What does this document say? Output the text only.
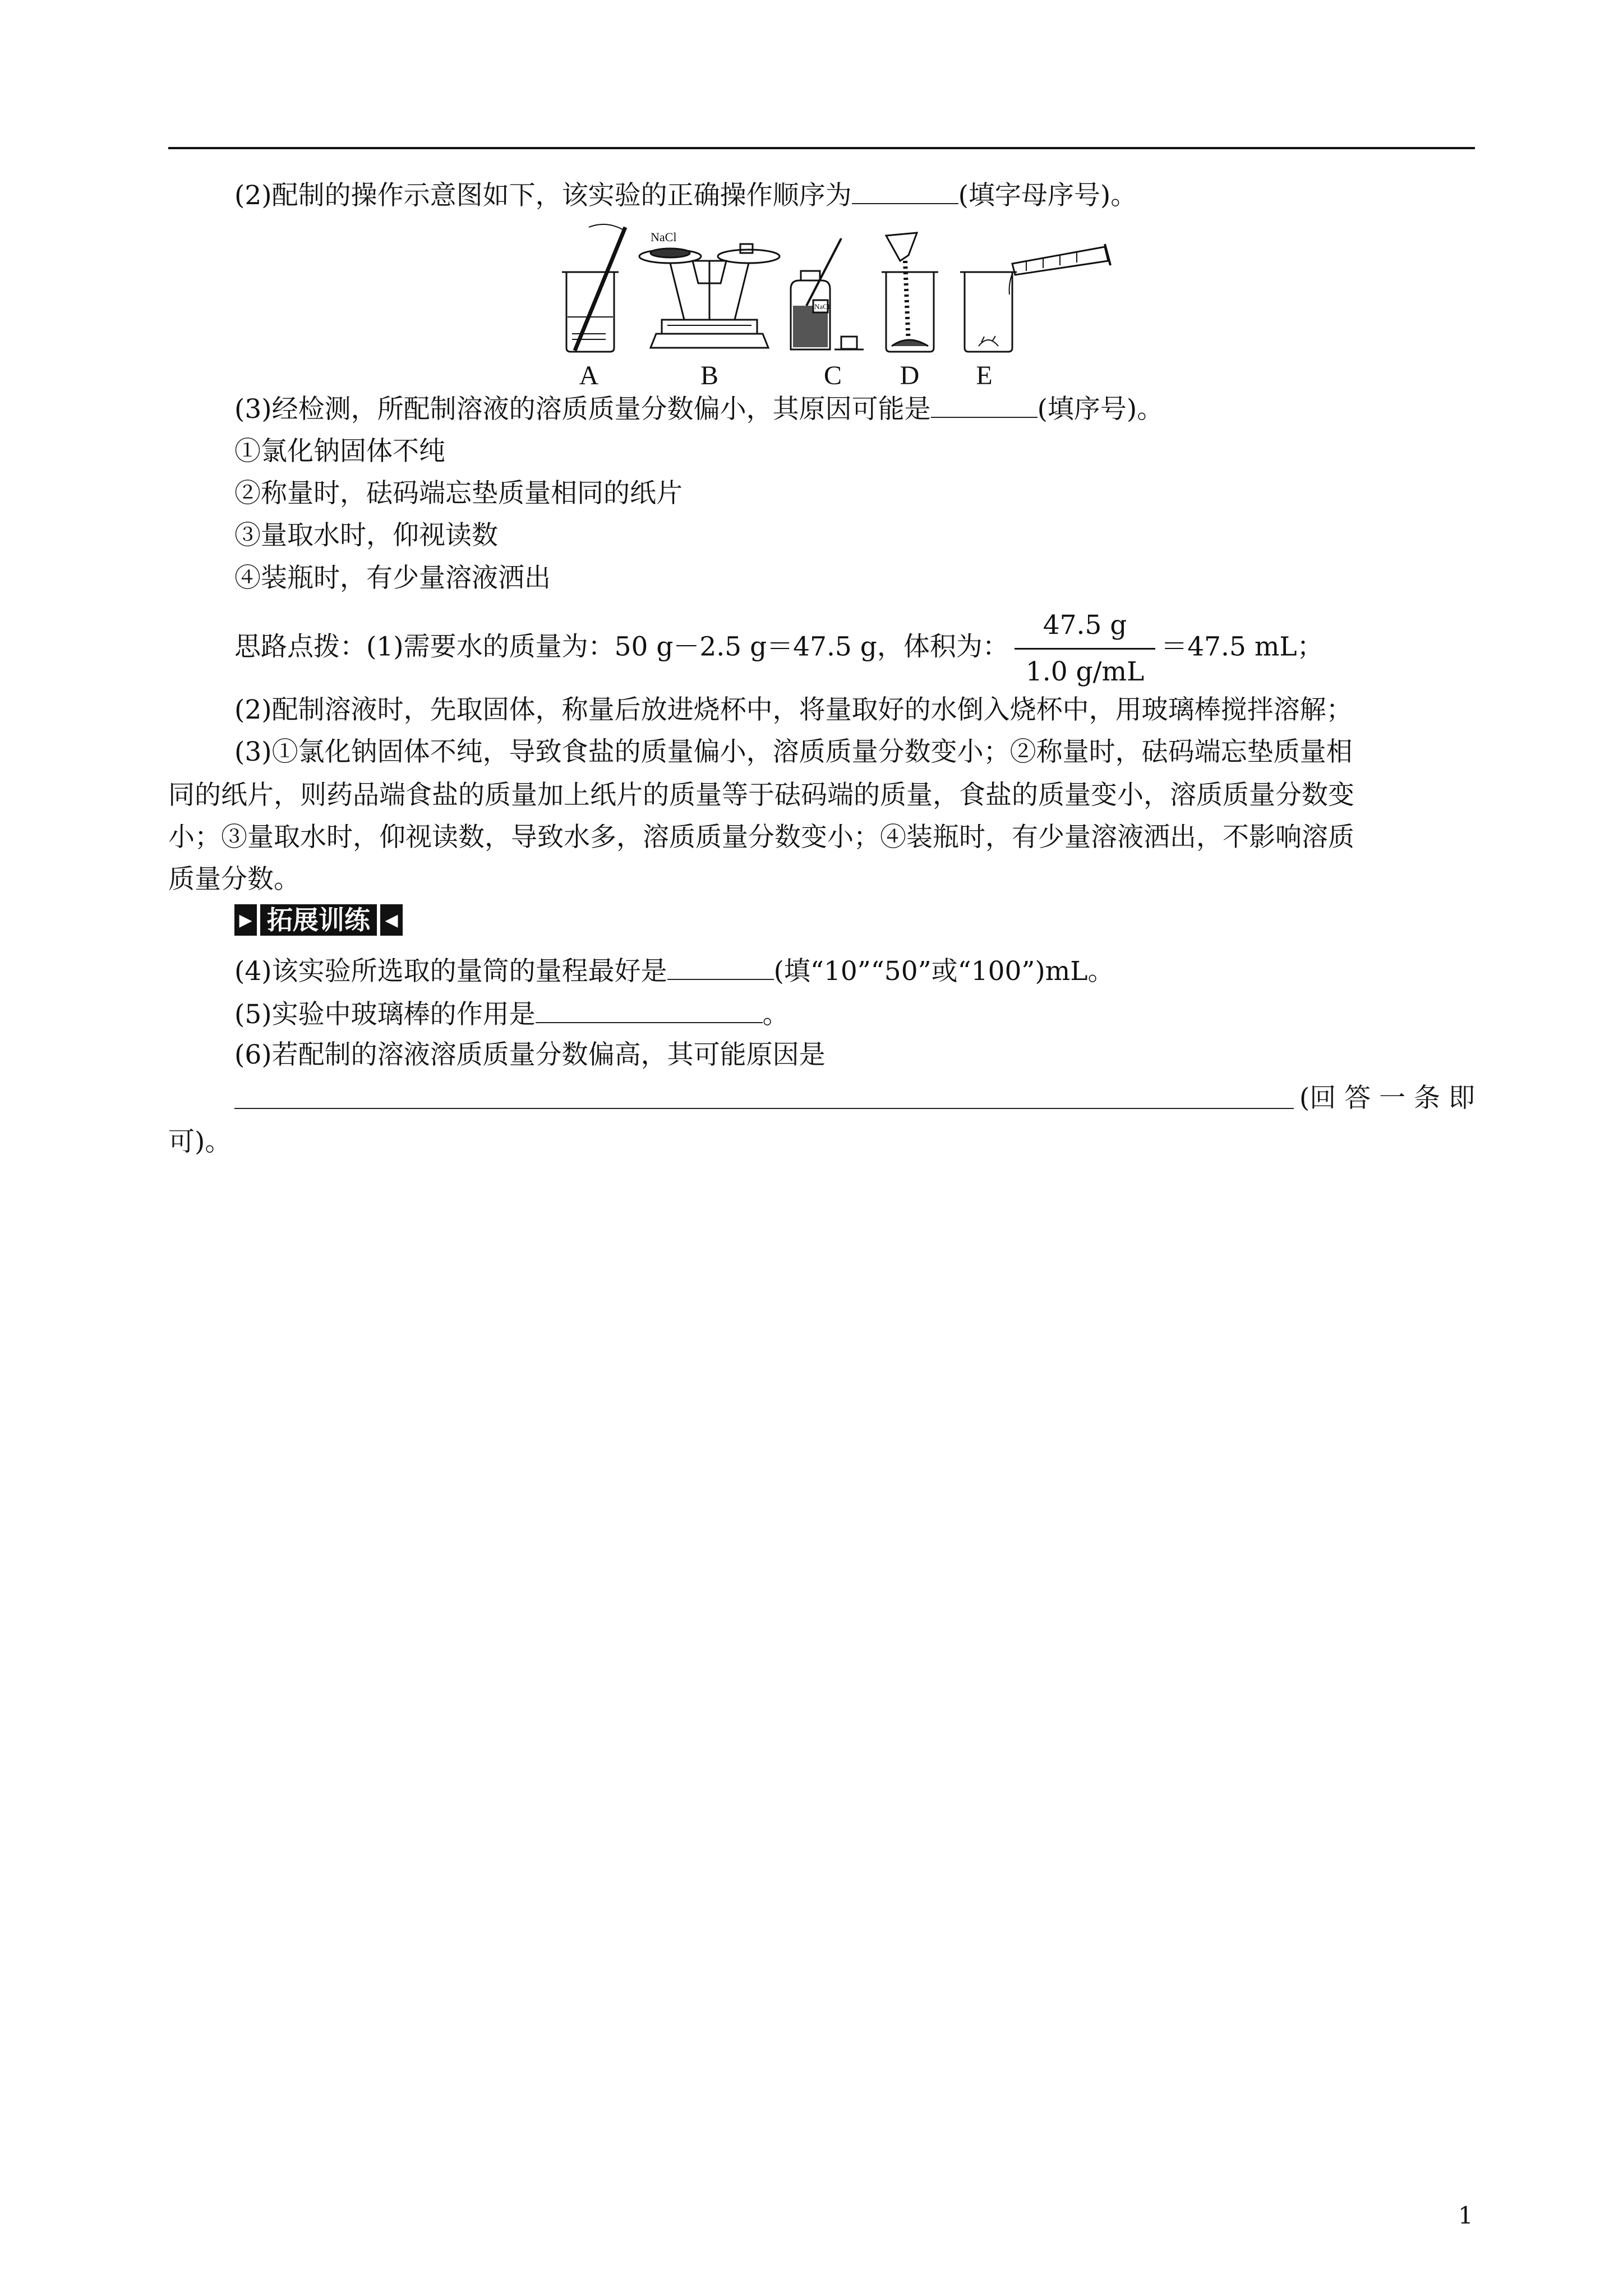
(2)配制的操作示意图如下，该实验的正确操作顺序为	(填字母序号)。
NaCl
NaCl
A	B	C D E
(3)经检测，所配制溶液的溶质质量分数偏小，其原因可能是	(填序号)。
①氯化钠固体不纯
②称量时，砝码端忘垫质量相同的纸片
③量取水时，仰视读数
④装瓶时，有少量溶液洒出
思路点拨：(1)需要水的质量为：50 g－2.5 g＝47.5 g，体积为： $\frac{47.5 g}{1.0 g/mL} =47.5$ mL；
(2)配制溶液时，先取固体，称量后放进烧杯中，将量取好的水倒入烧杯中，用玻璃棒搅拌溶解；
(3)①氯化钠固体不纯，导致食盐的质量偏小，溶质质量分数变小；②称量时，砝码端忘垫质量相
同的纸片，则药品端食盐的质量加上纸片的质量等于砝码端的质量，食盐的质量变小，溶质质量分数变
小；③量取水时，仰视读数，导致水多，溶质质量分数变小；④装瓶时，有少量溶液洒出，不影响溶质
质量分数。
▶ 拓展训练 ◀
(4)该实验所选取的量筒的量程最好是	(填“10”“50”或“100”)mL。
(5)实验中玻璃棒的作用是	。
(6)若配制的溶液溶质质量分数偏高，其可能原因是
(回 答 一 条 即
可)。
1
